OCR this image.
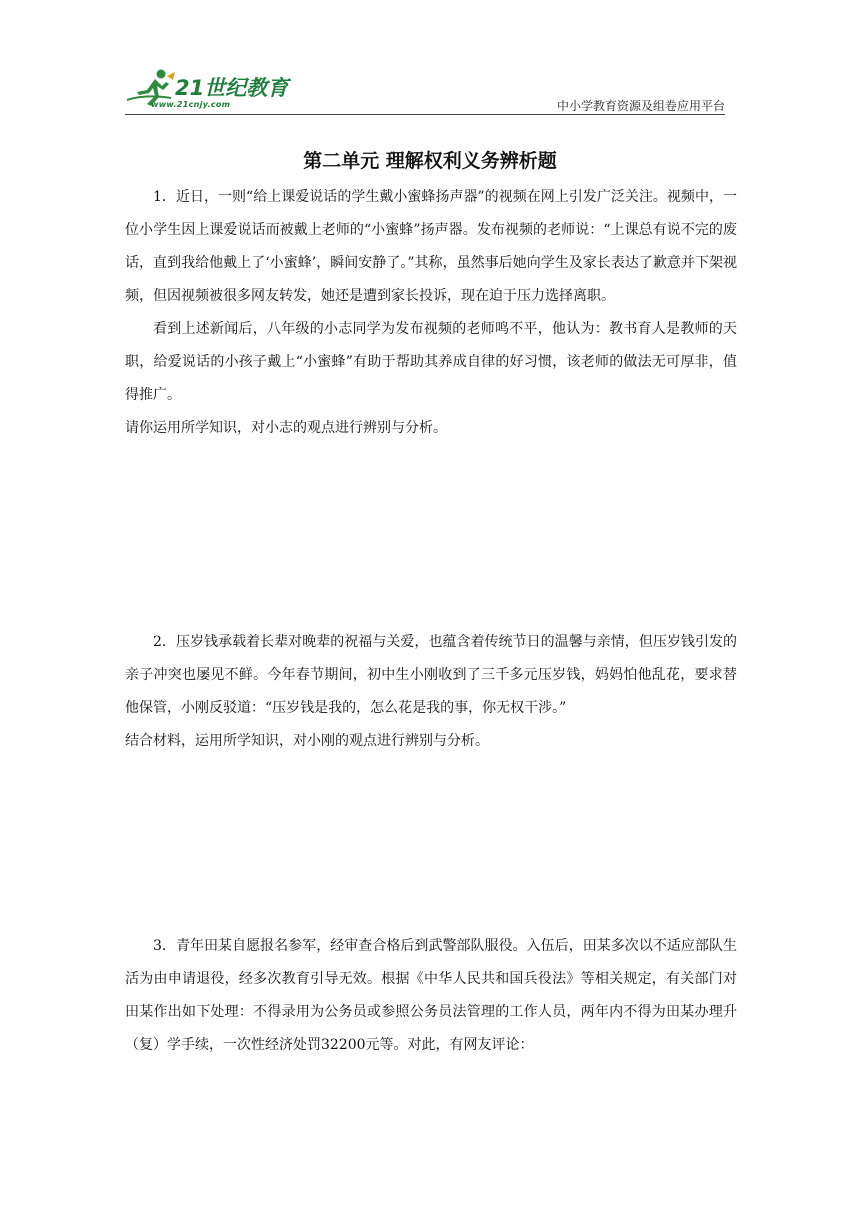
21世纪教育
www.21cnjy.com	中小学教育资源及组卷应用平台
第二单元 理解权利义务辨析题

1．近日，一则“给上课爱说话的学生戴小蜜蜂扬声器”的视频在网上引发广泛关注。视频中，一位小学生因上课爱说话而被戴上老师的“小蜜蜂”扬声器。发布视频的老师说：“上课总有说不完的废话，直到我给他戴上了‘小蜜蜂’，瞬间安静了。”其称，虽然事后她向学生及家长表达了歉意并下架视频，但因视频被很多网友转发，她还是遭到家长投诉，现在迫于压力选择离职。

看到上述新闻后，八年级的小志同学为发布视频的老师鸣不平，他认为：教书育人是教师的天职，给爱说话的小孩子戴上“小蜜蜂”有助于帮助其养成自律的好习惯，该老师的做法无可厚非，值得推广。

请你运用所学知识，对小志的观点进行辨别与分析。

2．压岁钱承载着长辈对晚辈的祝福与关爱，也蕴含着传统节日的温馨与亲情，但压岁钱引发的亲子冲突也屡见不鲜。今年春节期间，初中生小刚收到了三千多元压岁钱，妈妈怕他乱花，要求替他保管，小刚反驳道：“压岁钱是我的，怎么花是我的事，你无权干涉。”

结合材料，运用所学知识，对小刚的观点进行辨别与分析。

3．青年田某自愿报名参军，经审查合格后到武警部队服役。入伍后，田某多次以不适应部队生活为由申请退役，经多次教育引导无效。根据《中华人民共和国兵役法》等相关规定，有关部门对田某作出如下处理：不得录用为公务员或参照公务员法管理的工作人员，两年内不得为田某办理升（复）学手续，一次性经济处罚32200元等。对此，有网友评论：
